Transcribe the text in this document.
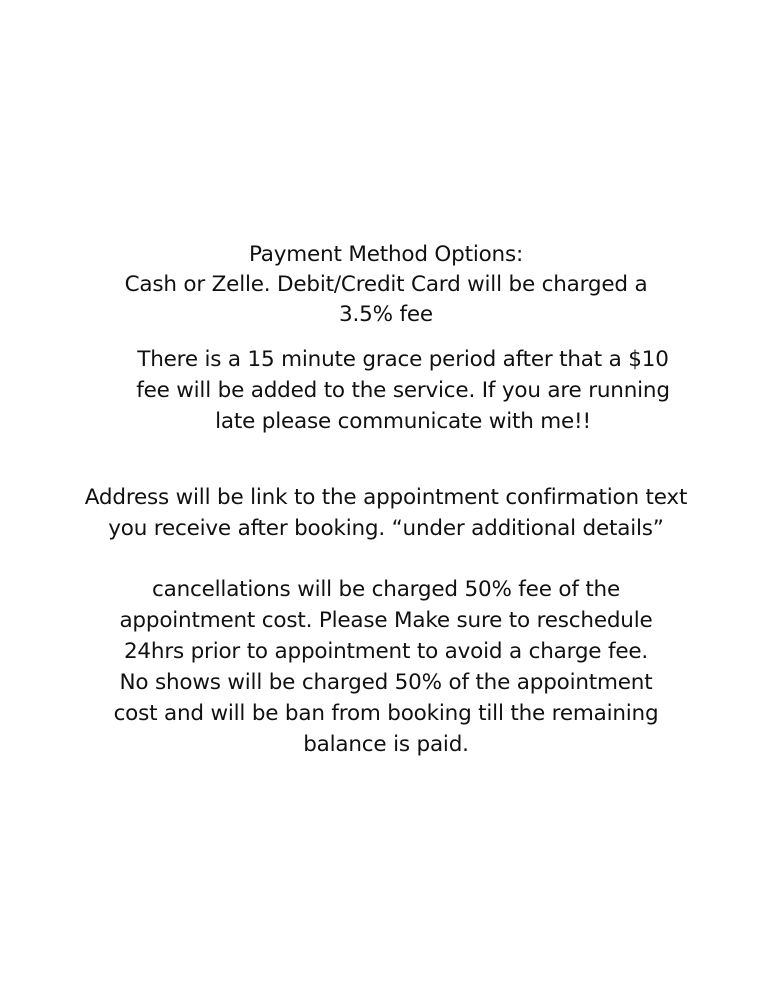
Payment Method Options:
Cash or Zelle. Debit/Credit Card will be charged a
3.5% fee
There is a 15 minute grace period after that a $10
fee will be added to the service. If you are running
late please communicate with me!!
Address will be link to the appointment confirmation text
you receive after booking. “under additional details”
cancellations will be charged 50% fee of the
appointment cost. Please Make sure to reschedule
24hrs prior to appointment to avoid a charge fee.
No shows will be charged 50% of the appointment
cost and will be ban from booking till the remaining
balance is paid.
